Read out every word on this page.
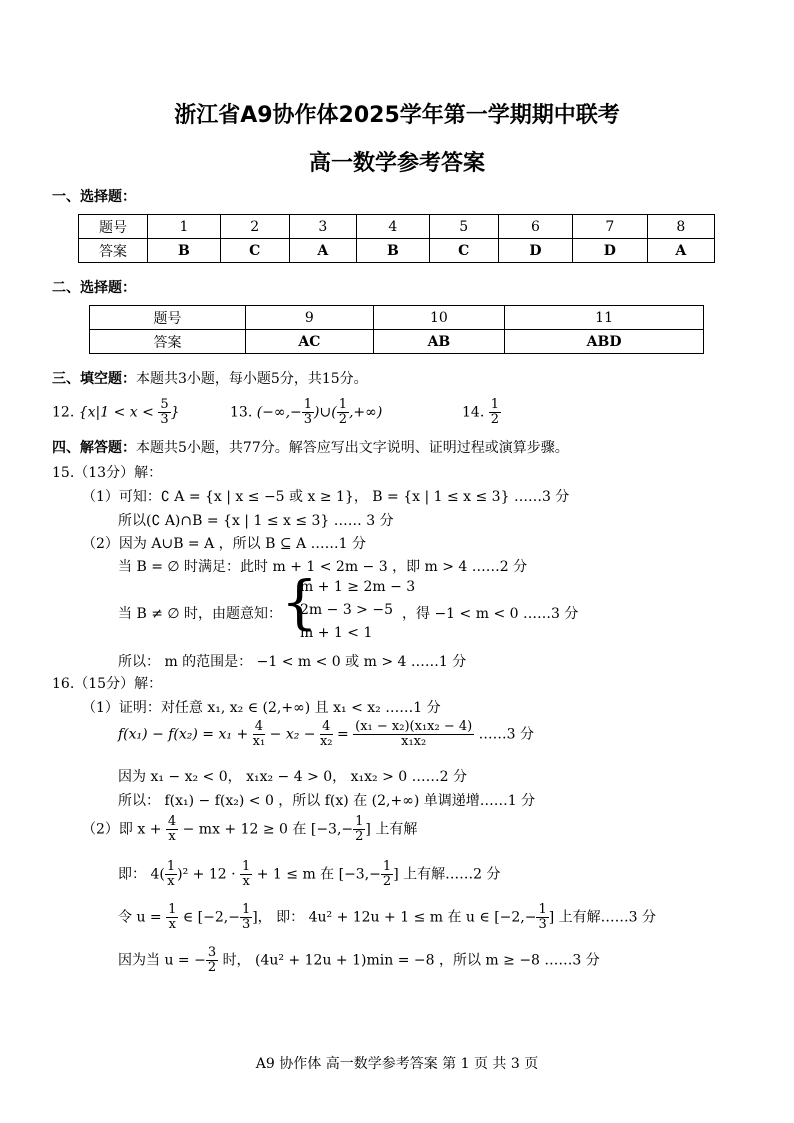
浙江省A9协作体2025学年第一学期期中联考
高一数学参考答案
一、选择题：
题号	1	2	3	4	5	6	7	8
答案	B	C	A	B	C	D	D	A
二、选择题：
题号	9	10	11
答案	AC	AB	ABD
三、填空题：本题共3小题，每小题5分，共15分。
12. {$x|1 < x < \frac{5}{3}$ }	13. (−∞,− $\frac{1}{3}$ )∪( $\frac{1}{2}$ ,+∞)	14. $\frac{1}{2}$
四、解答题：本题共5小题，共77分。解答应写出文字说明、证明过程或演算步骤。
15.（13分）解：
（1）可知：∁ A = {x | x ≤ −5 或 x ≥ 1}， B = {x | 1 ≤ x ≤ 3} ……3 分
所以(∁ A)∩B = {x | 1 ≤ x ≤ 3} …… 3 分
（2）因为 A∪B = A ，所以 B ⊆ A ……1 分
当 B = ∅ 时满足：此时 m + 1 < 2m − 3 ，即 m > 4 ……2 分
当 B ≠ ∅ 时，由题意知：
{
m + 1 ≥ 2m − 3
2m − 3 > −5
m + 1 < 1
，得 −1 < m < 0 ……3 分
所以： m 的范围是： −1 < m < 0 或 m > 4 ……1 分
16.（15分）解：
（1）证明：对任意 x₁, x₂ ∈ (2,+∞) 且 x₁ < x₂ ……1 分
$f(x_1) - f(x_2) = x_1 + \frac{4}{\text{x₁}} - x_2 - \frac{4}{\text{x₂}} = \frac{\text{(x₁ − x₂)(x₁x₂ − 4)}}{\text{x₁x₂}}$ ……3 分
因为 x₁ − x₂ < 0， x₁x₂ − 4 > 0， x₁x₂ > 0 ……2 分
所以： f(x₁) − f(x₂) < 0 ，所以 f(x) 在 (2,+∞) 单调递增……1 分
（2）即 $x + \frac{4}{x}$ − mx + 12 ≥ 0 在 [$-3,- \frac{1}{2}$ ] 上有解
即： $4( \frac{1}{x} )^2 + 12 \cdot \frac{1}{x} + 1 \le m$ 在 [$-3,- \frac{1}{2}$ ] 上有解……2 分
令 $u = \frac{1}{x}$ ∈ [$-2,- \frac{1}{3}$ ]， 即： 4u² + 12u + 1 ≤ m 在 u ∈ [$-2,- \frac{1}{3}$ ] 上有解……3 分
因为当 u = − $\frac{3}{2}$ 时， (4u² + 12u + 1)min = −8 ，所以 m ≥ −8 ……3 分
A9 协作体 高一数学参考答案 第 1 页 共 3 页
